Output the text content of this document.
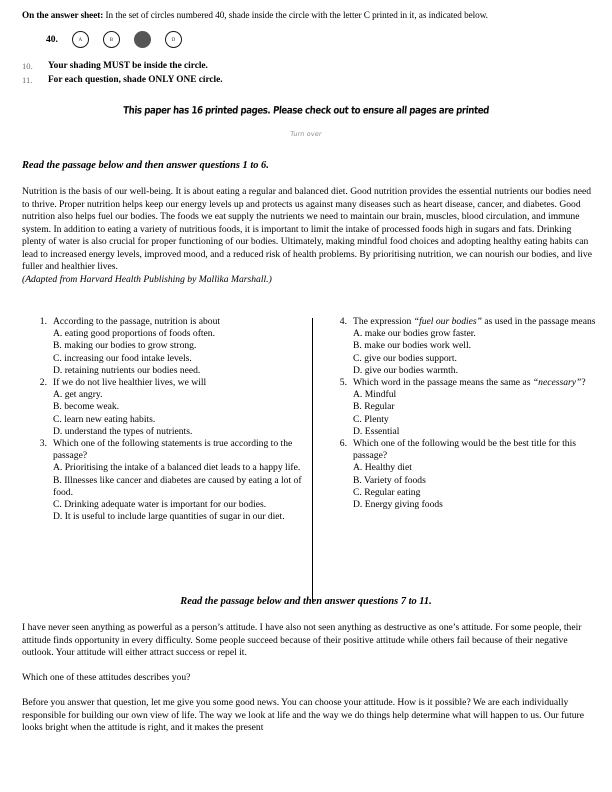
On the answer sheet: In the set of circles numbered 40, shade inside the circle with the letter C printed in it, as indicated below.
40.	A	B	D
10.	Your shading MUST be inside the circle.
11.	For each question, shade ONLY ONE circle.
This paper has 16 printed pages. Please check out to ensure all pages are printed
Turn over
Read the passage below and then answer questions 1 to 6.
Nutrition is the basis of our well-being. It is about eating a regular and balanced diet. Good nutrition provides the essential nutrients our bodies need to thrive. Proper nutrition helps keep our energy levels up and protects us against many diseases such as heart disease, cancer, and diabetes. Good nutrition also helps fuel our bodies. The foods we eat supply the nutrients we need to maintain our brain, muscles, blood circulation, and immune system. In addition to eating a variety of nutritious foods, it is important to limit the intake of processed foods high in sugars and fats. Drinking plenty of water is also crucial for proper functioning of our bodies. Ultimately, making mindful food choices and adopting healthy eating habits can lead to increased energy levels, improved mood, and a reduced risk of health problems. By prioritising nutrition, we can nourish our bodies, and live fuller and healthier lives.
(Adapted from Harvard Health Publishing by Mallika Marshall.)
1. According to the passage, nutrition is about
A. eating good proportions of foods often.
B. making our bodies to grow strong.
C. increasing our food intake levels.
D. retaining nutrients our bodies need.
2. If we do not live healthier lives, we will
A. get angry.
B. become weak.
C. learn new eating habits.
D. understand the types of nutrients.
3. Which one of the following statements is true according to the passage?
A. Prioritising the intake of a balanced diet leads to a happy life.
B. Illnesses like cancer and diabetes are caused by eating a lot of food.
C. Drinking adequate water is important for our bodies.
D. It is useful to include large quantities of sugar in our diet.
4. The expression “fuel our bodies” as used in the passage means
A. make our bodies grow faster.
B. make our bodies work well.
C. give our bodies support.
D. give our bodies warmth.
5. Which word in the passage means the same as “necessary”?
A. Mindful
B. Regular
C. Plenty
D. Essential
6. Which one of the following would be the best title for this passage?
A. Healthy diet
B. Variety of foods
C. Regular eating
D. Energy giving foods
Read the passage below and then answer questions 7 to 11.

I have never seen anything as powerful as a person’s attitude. I have also not seen anything as destructive as one’s attitude. For some people, their attitude finds opportunity in every difficulty. Some people succeed because of their positive attitude while others fail because of their negative outlook. Your attitude will either attract success or repel it.

Which one of these attitudes describes you?

Before you answer that question, let me give you some good news. You can choose your attitude. How is it possible? We are each individually responsible for building our own view of life. The way we look at life and the way we do things help determine what will happen to us. Our future looks bright when the attitude is right, and it makes the present
